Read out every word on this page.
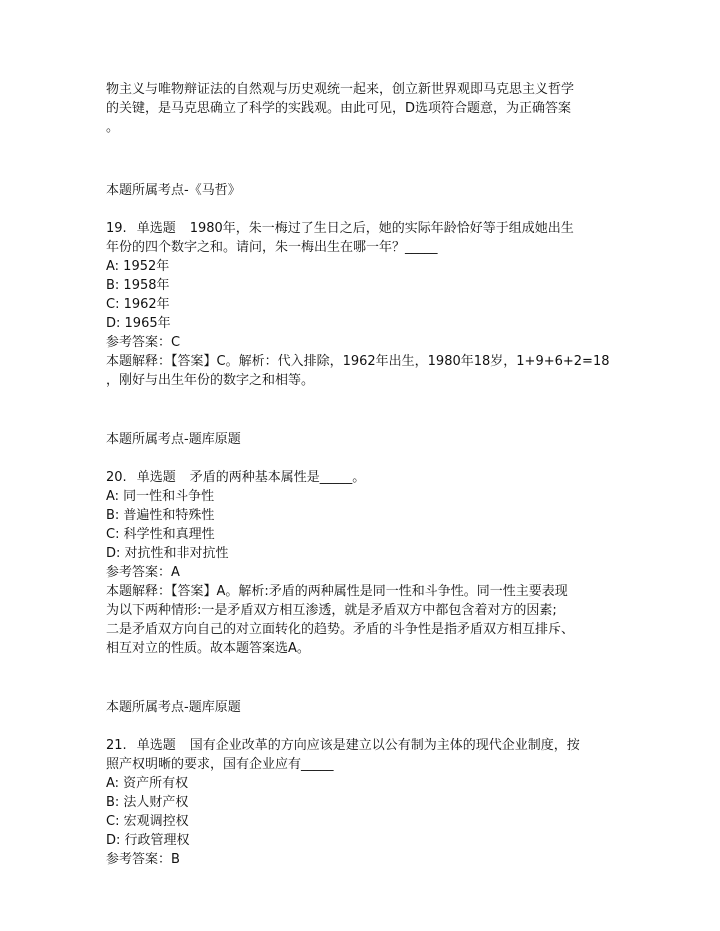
物主义与唯物辩证法的自然观与历史观统一起来，创立新世界观即马克思主义哲学
的关键，是马克思确立了科学的实践观。由此可见，D选项符合题意，为正确答案
。
本题所属考点-《马哲》
19. 单选题 1980年，朱一梅过了生日之后，她的实际年龄恰好等于组成她出生
年份的四个数字之和。请问，朱一梅出生在哪一年？_____
A: 1952年
B: 1958年
C: 1962年
D: 1965年
参考答案：C
本题解释：【答案】C。解析：代入排除，1962年出生，1980年18岁，1+9+6+2=18
，刚好与出生年份的数字之和相等。
本题所属考点-题库原题
20. 单选题 矛盾的两种基本属性是_____。
A: 同一性和斗争性
B: 普遍性和特殊性
C: 科学性和真理性
D: 对抗性和非对抗性
参考答案：A
本题解释：【答案】A。解析:矛盾的两种属性是同一性和斗争性。同一性主要表现
为以下两种情形:一是矛盾双方相互渗透，就是矛盾双方中都包含着对方的因素;
二是矛盾双方向自己的对立面转化的趋势。矛盾的斗争性是指矛盾双方相互排斥、
相互对立的性质。故本题答案选A。
本题所属考点-题库原题
21. 单选题 国有企业改革的方向应该是建立以公有制为主体的现代企业制度，按
照产权明晰的要求，国有企业应有_____
A: 资产所有权
B: 法人财产权
C: 宏观调控权
D: 行政管理权
参考答案：B
